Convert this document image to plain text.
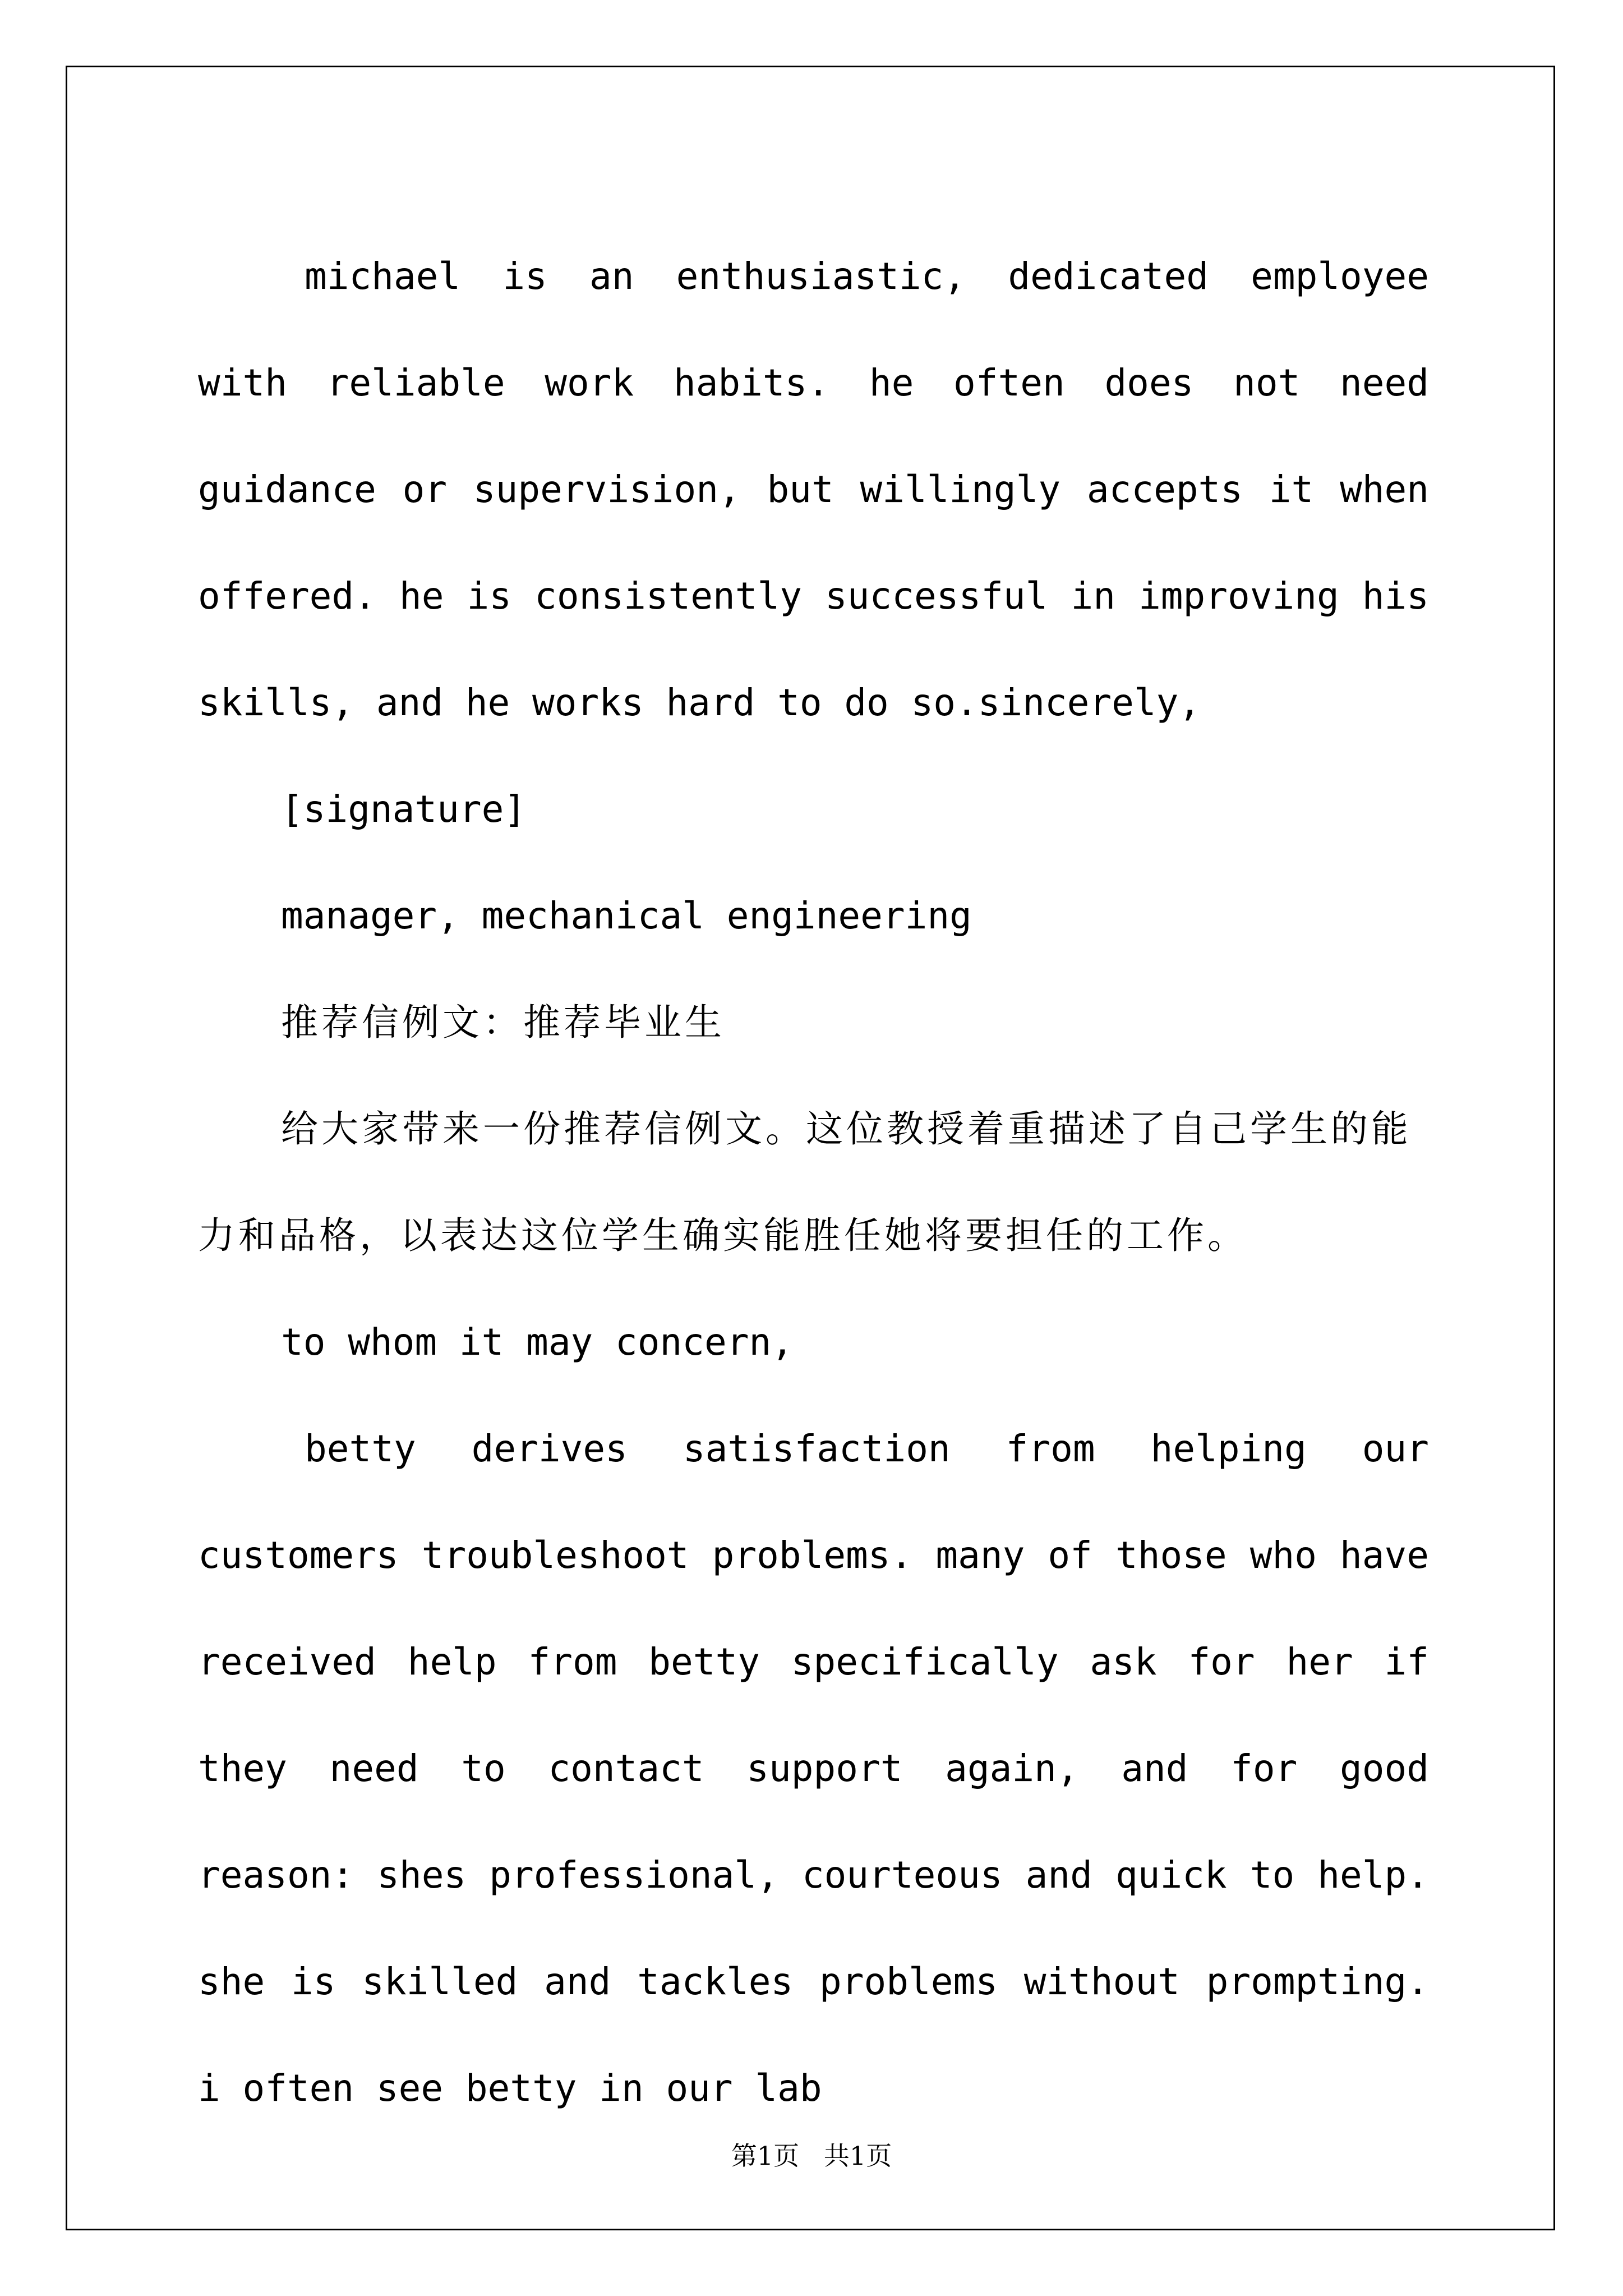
michael is an enthusiastic, dedicated employee with reliable work habits. he often does not need guidance or supervision, but willingly accepts it when offered. he is consistently successful in improving his skills, and he works hard to do so.sincerely,

[signature]

manager, mechanical engineering

推荐信例文：推荐毕业生

给大家带来一份推荐信例文。这位教授着重描述了自己学生的能力和品格，以表达这位学生确实能胜任她将要担任的工作。

to whom it may concern,

betty derives satisfaction from helping our customers troubleshoot problems. many of those who have received help from betty specifically ask for her if they need to contact support again, and for good reason: shes professional, courteous and quick to help. she is skilled and tackles problems without prompting. i often see betty in our lab

第1页   共1页
